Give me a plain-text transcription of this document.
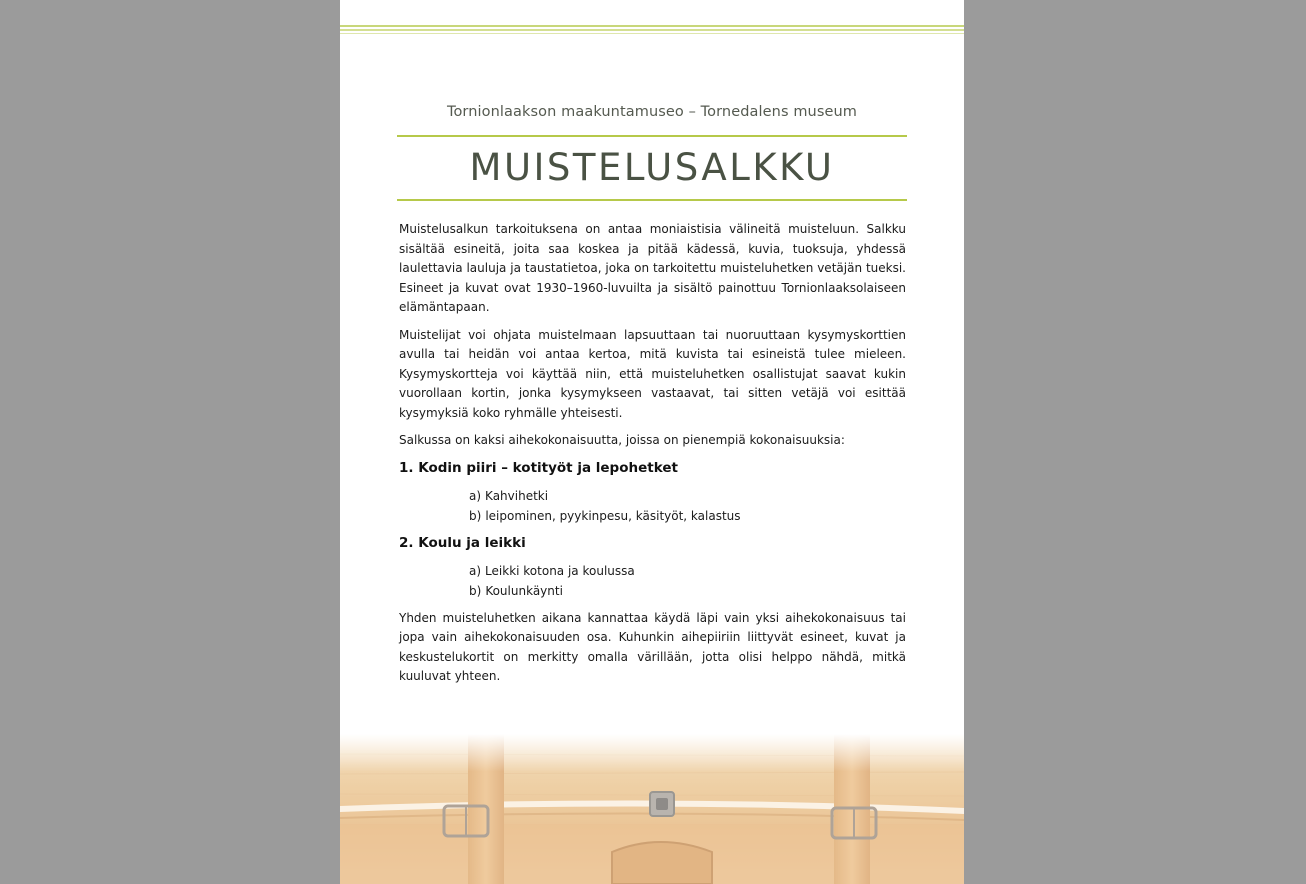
Tornionlaakson maakuntamuseo – Tornedalens museum
MUISTELUSALKKU

Muistelusalkun tarkoituksena on antaa moniaistisia välineitä muisteluun. Salkku sisältää esineitä, joita saa koskea ja pitää kädessä, kuvia, tuoksuja, yhdessä laulettavia lauluja ja taustatietoa, joka on tarkoitettu muisteluhetken vetäjän tueksi. Esineet ja kuvat ovat 1930–1960-luvuilta ja sisältö painottuu Tornionlaaksolaiseen elämäntapaan.

Muistelijat voi ohjata muistelmaan lapsuuttaan tai nuoruuttaan kysymyskorttien avulla tai heidän voi antaa kertoa, mitä kuvista tai esineistä tulee mieleen. Kysymyskortteja voi käyttää niin, että muisteluhetken osallistujat saavat kukin vuorollaan kortin, jonka kysymykseen vastaavat, tai sitten vetäjä voi esittää kysymyksiä koko ryhmälle yhteisesti.

Salkussa on kaksi aihekokonaisuutta, joissa on pienempiä kokonaisuuksia:

1. Kodin piiri – kotityöt ja lepohetket
a) Kahvihetki
b) leipominen, pyykinpesu, käsityöt, kalastus
2. Koulu ja leikki
a) Leikki kotona ja koulussa
b) Koulunkäynti

Yhden muisteluhetken aikana kannattaa käydä läpi vain yksi aihekokonaisuus tai jopa vain aihekokonaisuuden osa. Kuhunkin aihepiiriin liittyvät esineet, kuvat ja keskustelukortit on merkitty omalla värillään, jotta olisi helppo nähdä, mitkä kuuluvat yhteen.
